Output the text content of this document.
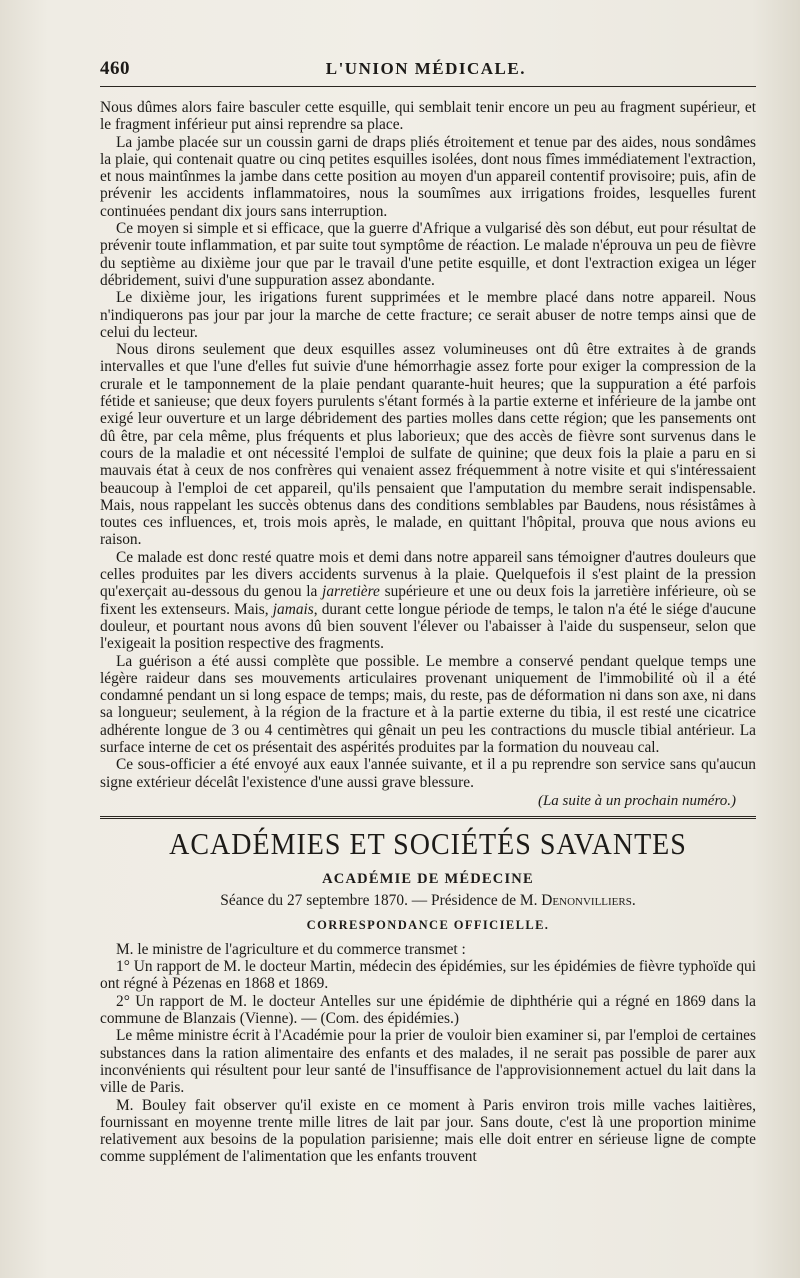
460	L'UNION MÉDICALE.

Nous dûmes alors faire basculer cette esquille, qui semblait tenir encore un peu au fragment supérieur, et le fragment inférieur put ainsi reprendre sa place.

La jambe placée sur un coussin garni de draps pliés étroitement et tenue par des aides, nous sondâmes la plaie, qui contenait quatre ou cinq petites esquilles isolées, dont nous fîmes immédiatement l'extraction, et nous maintînmes la jambe dans cette position au moyen d'un appareil contentif provisoire; puis, afin de prévenir les accidents inflammatoires, nous la soumîmes aux irrigations froides, lesquelles furent continuées pendant dix jours sans interruption.

Ce moyen si simple et si efficace, que la guerre d'Afrique a vulgarisé dès son début, eut pour résultat de prévenir toute inflammation, et par suite tout symptôme de réaction. Le malade n'éprouva un peu de fièvre du septième au dixième jour que par le travail d'une petite esquille, et dont l'extraction exigea un léger débridement, suivi d'une suppuration assez abondante.

Le dixième jour, les irigations furent supprimées et le membre placé dans notre appareil. Nous n'indiquerons pas jour par jour la marche de cette fracture; ce serait abuser de notre temps ainsi que de celui du lecteur.

Nous dirons seulement que deux esquilles assez volumineuses ont dû être extraites à de grands intervalles et que l'une d'elles fut suivie d'une hémorrhagie assez forte pour exiger la compression de la crurale et le tamponnement de la plaie pendant quarante-huit heures; que la suppuration a été parfois fétide et sanieuse; que deux foyers purulents s'étant formés à la partie externe et inférieure de la jambe ont exigé leur ouverture et un large débridement des parties molles dans cette région; que les pansements ont dû être, par cela même, plus fréquents et plus laborieux; que des accès de fièvre sont survenus dans le cours de la maladie et ont nécessité l'emploi de sulfate de quinine; que deux fois la plaie a paru en si mauvais état à ceux de nos confrères qui venaient assez fréquemment à notre visite et qui s'intéressaient beaucoup à l'emploi de cet appareil, qu'ils pensaient que l'amputation du membre serait indispensable. Mais, nous rappelant les succès obtenus dans des conditions semblables par Baudens, nous résistâmes à toutes ces influences, et, trois mois après, le malade, en quittant l'hôpital, prouva que nous avions eu raison.

Ce malade est donc resté quatre mois et demi dans notre appareil sans témoigner d'autres douleurs que celles produites par les divers accidents survenus à la plaie. Quelquefois il s'est plaint de la pression qu'exerçait au-dessous du genou la jarretière supérieure et une ou deux fois la jarretière inférieure, où se fixent les extenseurs. Mais, jamais, durant cette longue période de temps, le talon n'a été le siége d'aucune douleur, et pourtant nous avons dû bien souvent l'élever ou l'abaisser à l'aide du suspenseur, selon que l'exigeait la position respective des fragments.

La guérison a été aussi complète que possible. Le membre a conservé pendant quelque temps une légère raideur dans ses mouvements articulaires provenant uniquement de l'immobilité où il a été condamné pendant un si long espace de temps; mais, du reste, pas de déformation ni dans son axe, ni dans sa longueur; seulement, à la région de la fracture et à la partie externe du tibia, il est resté une cicatrice adhérente longue de 3 ou 4 centimètres qui gênait un peu les contractions du muscle tibial antérieur. La surface interne de cet os présentait des aspérités produites par la formation du nouveau cal.

Ce sous-officier a été envoyé aux eaux l'année suivante, et il a pu reprendre son service sans qu'aucun signe extérieur décelât l'existence d'une aussi grave blessure.

(La suite à un prochain numéro.)
ACADÉMIES ET SOCIÉTÉS SAVANTES
ACADÉMIE DE MÉDECINE
Séance du 27 septembre 1870. — Présidence de M. Denonvilliers.
CORRESPONDANCE OFFICIELLE.

M. le ministre de l'agriculture et du commerce transmet :

1° Un rapport de M. le docteur Martin, médecin des épidémies, sur les épidémies de fièvre typhoïde qui ont régné à Pézenas en 1868 et 1869.

2° Un rapport de M. le docteur Antelles sur une épidémie de diphthérie qui a régné en 1869 dans la commune de Blanzais (Vienne). — (Com. des épidémies.)

Le même ministre écrit à l'Académie pour la prier de vouloir bien examiner si, par l'emploi de certaines substances dans la ration alimentaire des enfants et des malades, il ne serait pas possible de parer aux inconvénients qui résultent pour leur santé de l'insuffisance de l'approvisionnement actuel du lait dans la ville de Paris.

M. Bouley fait observer qu'il existe en ce moment à Paris environ trois mille vaches laitières, fournissant en moyenne trente mille litres de lait par jour. Sans doute, c'est là une proportion minime relativement aux besoins de la population parisienne; mais elle doit entrer en sérieuse ligne de compte comme supplément de l'alimentation que les enfants trouvent
